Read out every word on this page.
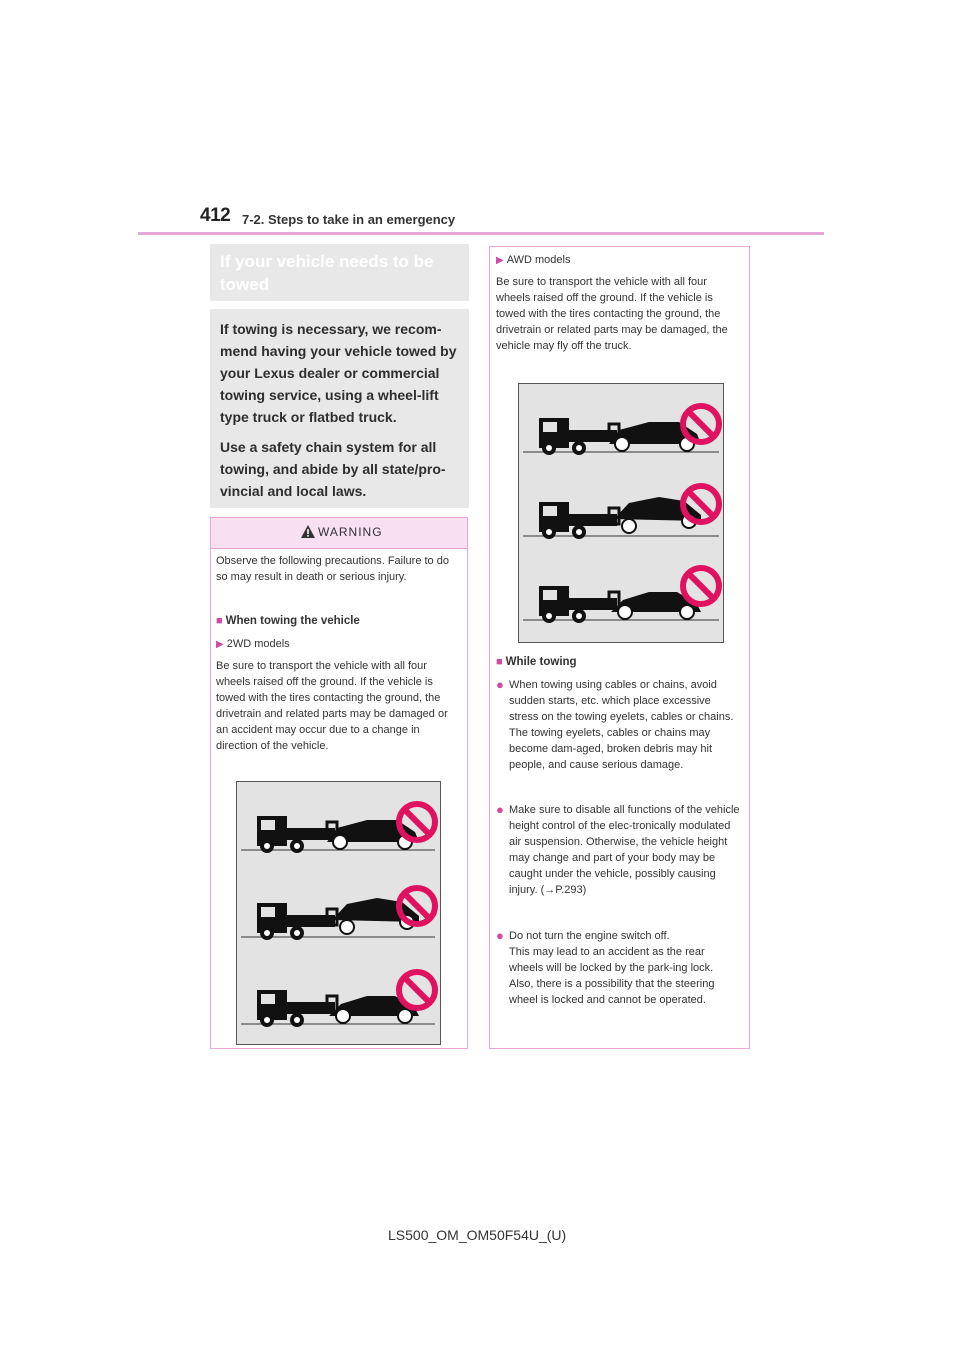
412 7-2. Steps to take in an emergency
If your vehicle needs to be towed
If towing is necessary, we recom-mend having your vehicle towed by your Lexus dealer or commercial towing service, using a wheel-lift type truck or flatbed truck.
Use a safety chain system for all towing, and abide by all state/pro-vincial and local laws.
WARNING
Observe the following precautions. Failure to do so may result in death or serious injury.
■ When towing the vehicle
▶ 2WD models
Be sure to transport the vehicle with all four wheels raised off the ground. If the vehicle is towed with the tires contacting the ground, the drivetrain and related parts may be damaged or an accident may occur due to a change in direction of the vehicle.
▶ AWD models
Be sure to transport the vehicle with all four wheels raised off the ground. If the vehicle is towed with the tires contacting the ground, the drivetrain or related parts may be damaged, the vehicle may fly off the truck.
■ While towing
● When towing using cables or chains, avoid sudden starts, etc. which place excessive stress on the towing eyelets, cables or chains. The towing eyelets, cables or chains may become dam-aged, broken debris may hit people, and cause serious damage.
● Make sure to disable all functions of the vehicle height control of the elec-tronically modulated air suspension. Otherwise, the vehicle height may change and part of your body may be caught under the vehicle, possibly causing injury. (→P.293)
● Do not turn the engine switch off.
This may lead to an accident as the rear wheels will be locked by the park-ing lock.
Also, there is a possibility that the steering wheel is locked and cannot be operated.
LS500_OM_OM50F54U_(U)
